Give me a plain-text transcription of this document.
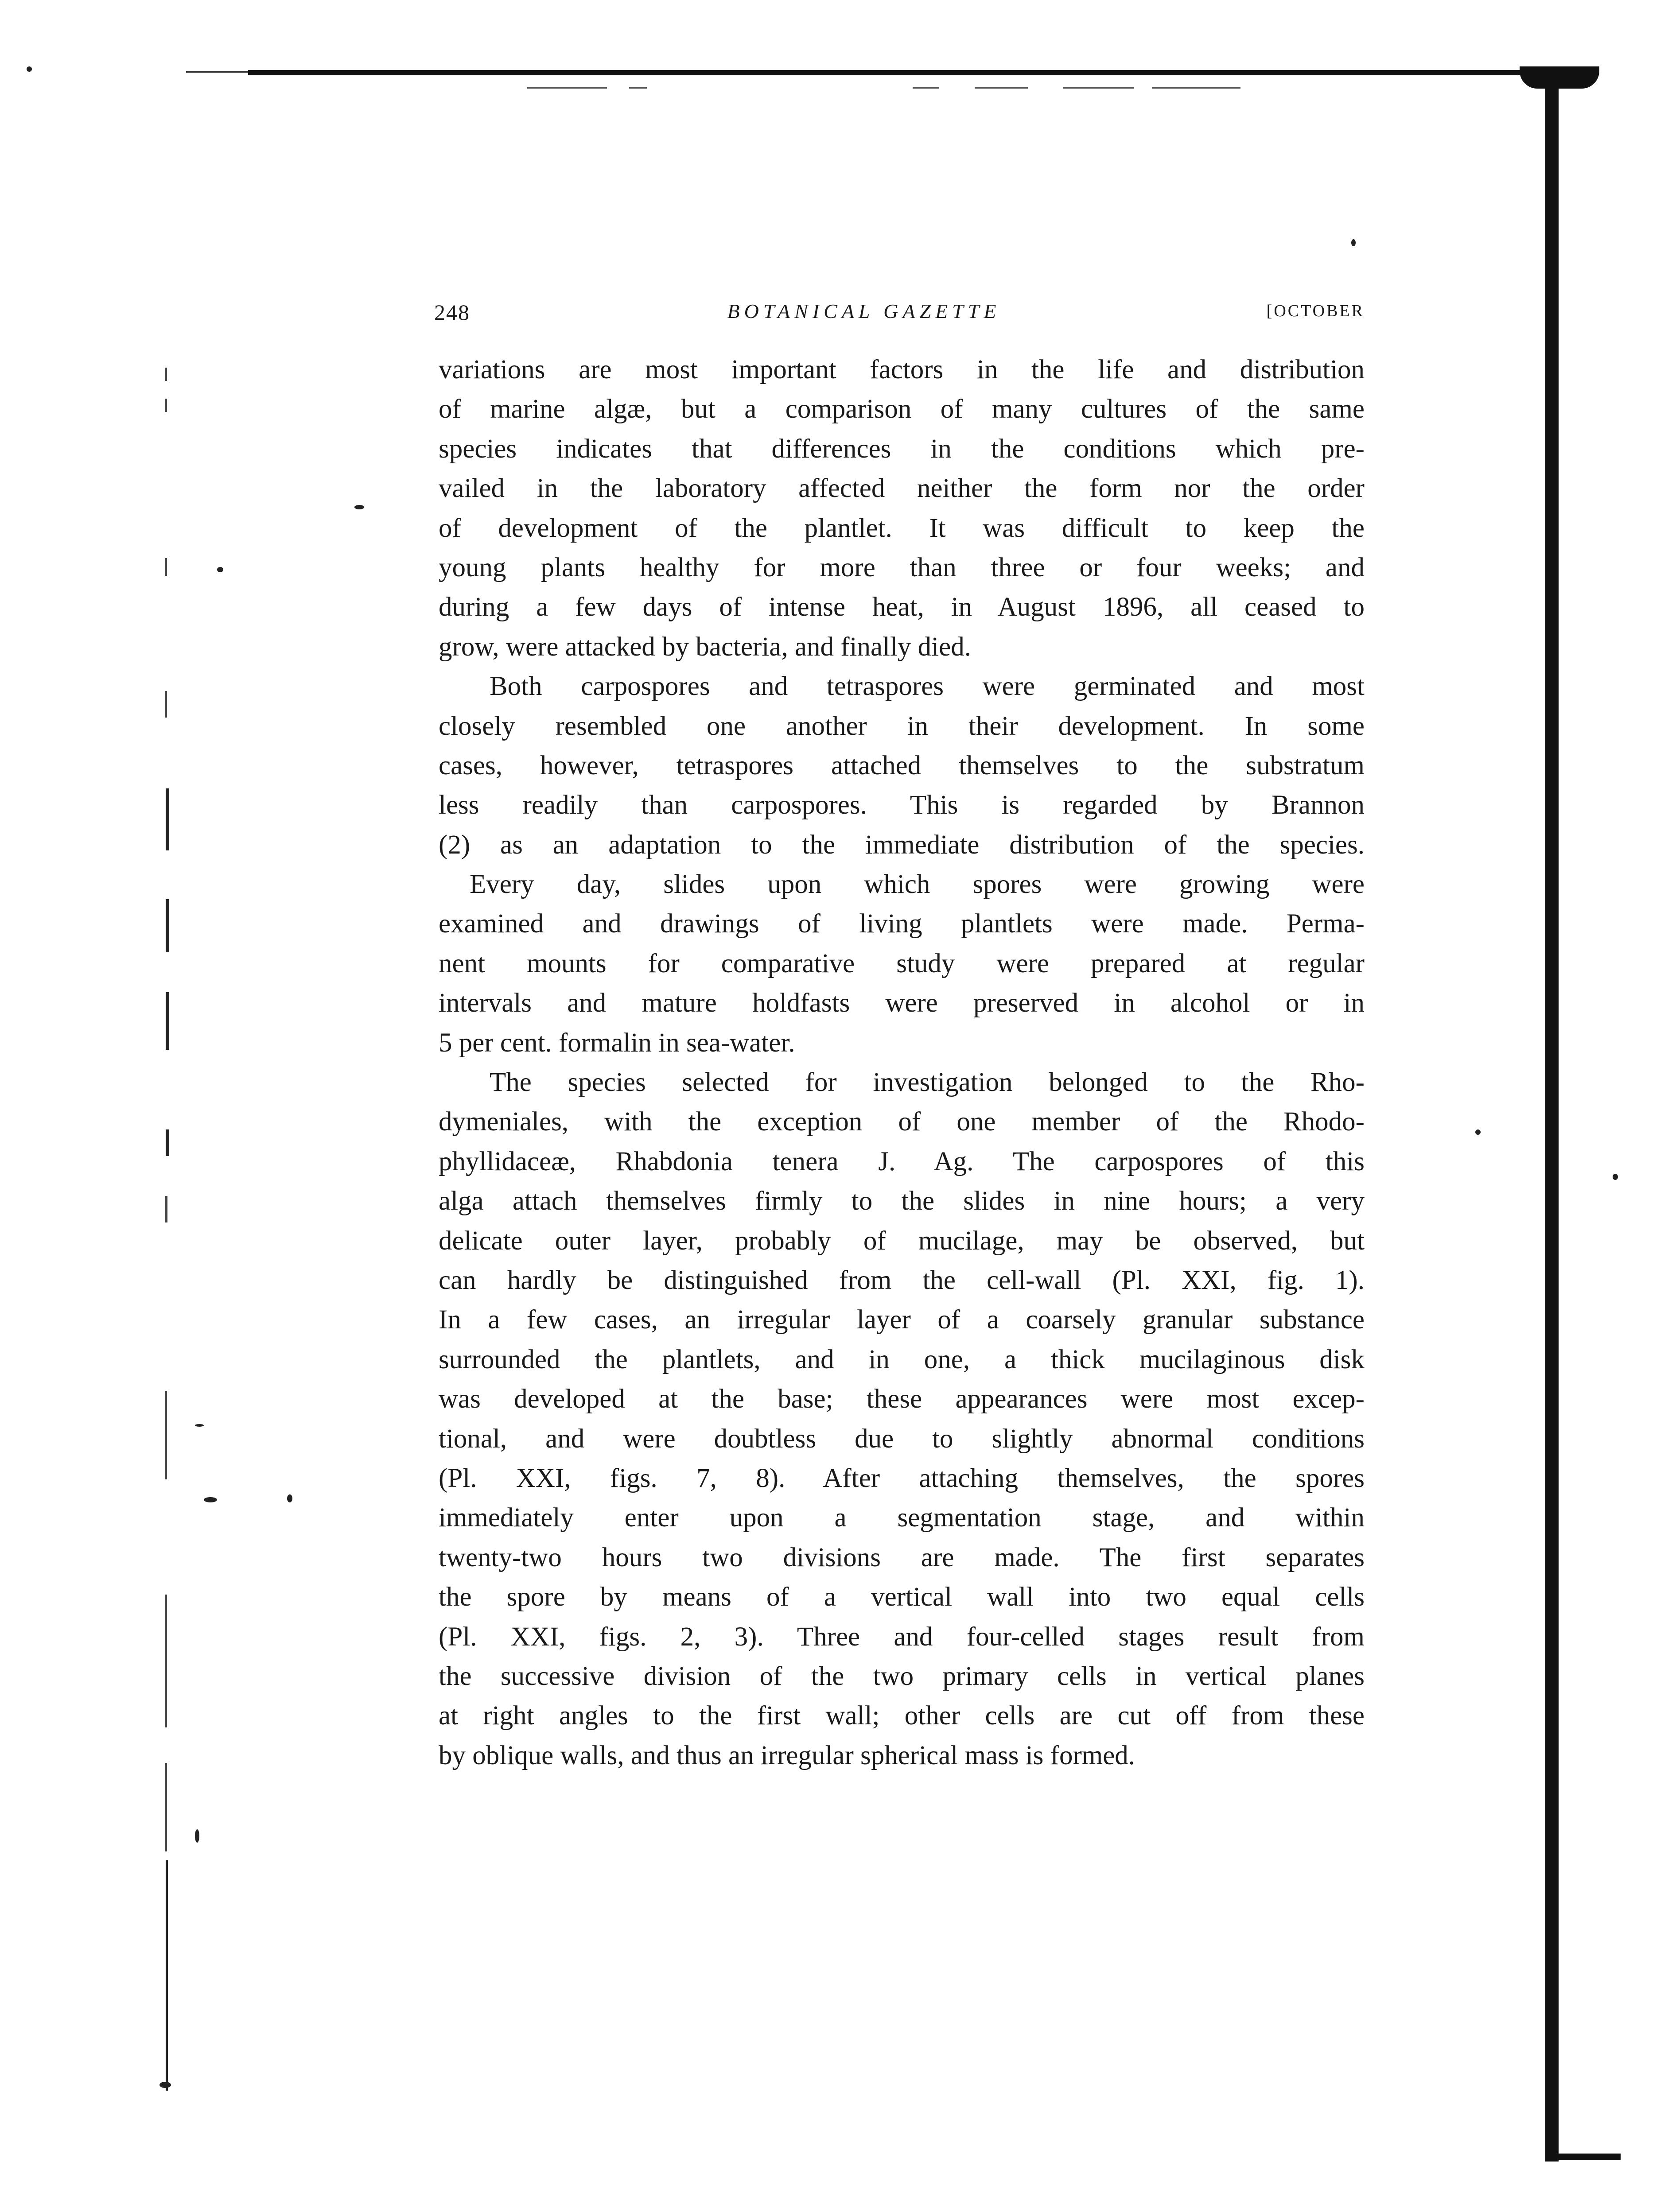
248	BOTANICAL GAZETTE	[OCTOBER
variations are most important factors in the life and distribution
of marine algæ, but a comparison of many cultures of the same
species indicates that differences in the conditions which pre-
vailed in the laboratory affected neither the form nor the order
of development of the plantlet. It was difficult to keep the
young plants healthy for more than three or four weeks; and
during a few days of intense heat, in August 1896, all ceased to
grow, were attacked by bacteria, and finally died.
Both carpospores and tetraspores were germinated and most
closely resembled one another in their development. In some
cases, however, tetraspores attached themselves to the substratum
less readily than carpospores. This is regarded by Brannon
(2) as an adaptation to the immediate distribution of the species.
Every day, slides upon which spores were growing were
examined and drawings of living plantlets were made. Perma-
nent mounts for comparative study were prepared at regular
intervals and mature holdfasts were preserved in alcohol or in
5 per cent. formalin in sea-water.
The species selected for investigation belonged to the Rho-
dymeniales, with the exception of one member of the Rhodo-
phyllidaceæ, Rhabdonia tenera J. Ag. The carpospores of this
alga attach themselves firmly to the slides in nine hours; a very
delicate outer layer, probably of mucilage, may be observed, but
can hardly be distinguished from the cell-wall (Pl. XXI, fig. 1).
In a few cases, an irregular layer of a coarsely granular substance
surrounded the plantlets, and in one, a thick mucilaginous disk
was developed at the base; these appearances were most excep-
tional, and were doubtless due to slightly abnormal conditions
(Pl. XXI, figs. 7, 8). After attaching themselves, the spores
immediately enter upon a segmentation stage, and within
twenty-two hours two divisions are made. The first separates
the spore by means of a vertical wall into two equal cells
(Pl. XXI, figs. 2, 3). Three and four-celled stages result from
the successive division of the two primary cells in vertical planes
at right angles to the first wall; other cells are cut off from these
by oblique walls, and thus an irregular spherical mass is formed.
